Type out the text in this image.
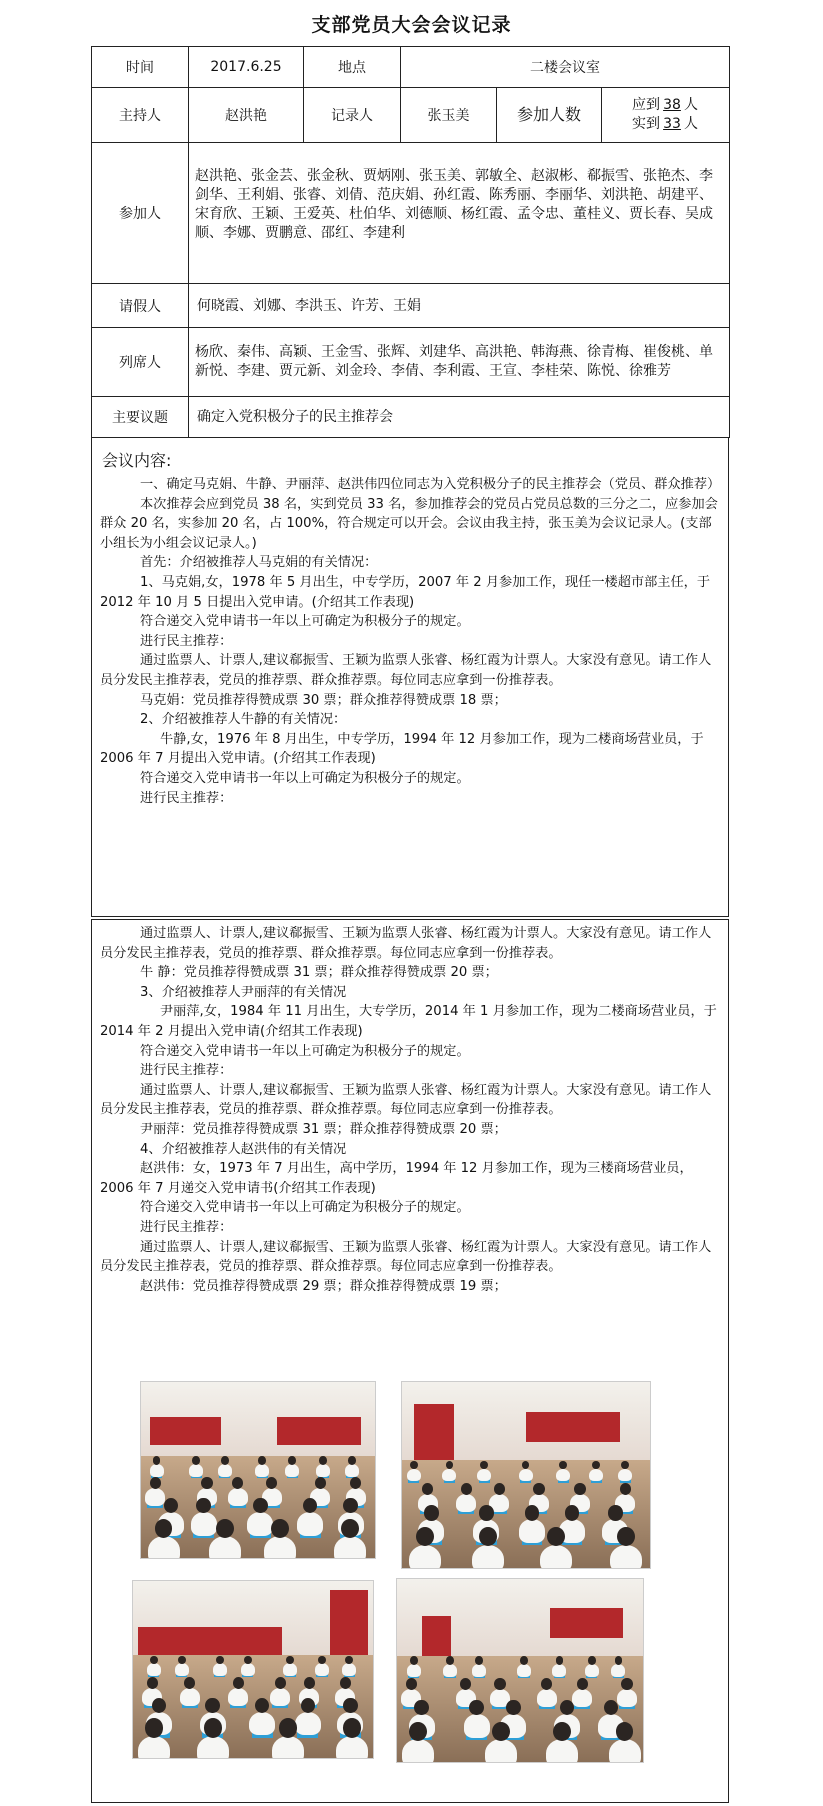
支部党员大会会议记录
时间	2017.6.25	地点	二楼会议室		
主持人	赵洪艳	记录人	张玉美	参加人数	应到 38 人
实到 33 人

参加人	赵洪艳、张金芸、张金秋、贾炳刚、张玉美、郭敏全、赵淑彬、郗振雪、张艳杰、李剑华、王利娟、张睿、刘倩、范庆娟、孙红霞、陈秀丽、李丽华、刘洪艳、胡建平、宋育欣、王颖、王爱英、杜伯华、刘德顺、杨红霞、孟令忠、董桂义、贾长春、吴成顺、李娜、贾鹏意、邵红、李建利				
请假人	何晓霞、刘娜、李洪玉、许芳、王娟				
列席人	杨欣、秦伟、高颖、王金雪、张辉、刘建华、高洪艳、韩海燕、徐青梅、崔俊桃、单新悦、李建、贾元新、刘金玲、李倩、李利霞、王宣、李桂荣、陈悦、徐雅芳				
主要议题	确定入党积极分子的民主推荐会				
会议内容:

一、确定马克娟、牛静、尹丽萍、赵洪伟四位同志为入党积极分子的民主推荐会（党员、群众推荐）

本次推荐会应到党员 38 名，实到党员 33 名，参加推荐会的党员占党员总数的三分之二，应参加会群众 20 名，实参加 20 名，占 100%，符合规定可以开会。会议由我主持，张玉美为会议记录人。(支部小组长为小组会议记录人。)

首先：介绍被推荐人马克娟的有关情况：

1、马克娟,女，1978 年 5 月出生，中专学历，2007 年 2 月参加工作，现任一楼超市部主任，于 2012 年 10 月 5 日提出入党申请。(介绍其工作表现)

符合递交入党申请书一年以上可确定为积极分子的规定。

进行民主推荐：

通过监票人、计票人,建议郗振雪、王颖为监票人张睿、杨红霞为计票人。大家没有意见。请工作人员分发民主推荐表，党员的推荐票、群众推荐票。每位同志应拿到一份推荐表。

马克娟：党员推荐得赞成票 30 票；群众推荐得赞成票 18 票；

2、介绍被推荐人牛静的有关情况：

牛静,女，1976 年 8 月出生，中专学历，1994 年 12 月参加工作，现为二楼商场营业员，于 2006 年 7 月提出入党申请。(介绍其工作表现)

符合递交入党申请书一年以上可确定为积极分子的规定。

进行民主推荐：

通过监票人、计票人,建议郗振雪、王颖为监票人张睿、杨红霞为计票人。大家没有意见。请工作人员分发民主推荐表，党员的推荐票、群众推荐票。每位同志应拿到一份推荐表。

牛 静：党员推荐得赞成票 31 票；群众推荐得赞成票 20 票；

3、介绍被推荐人尹丽萍的有关情况

尹丽萍,女，1984 年 11 月出生，大专学历，2014 年 1 月参加工作，现为二楼商场营业员，于 2014 年 2 月提出入党申请(介绍其工作表现)

符合递交入党申请书一年以上可确定为积极分子的规定。

进行民主推荐：

通过监票人、计票人,建议郗振雪、王颖为监票人张睿、杨红霞为计票人。大家没有意见。请工作人员分发民主推荐表，党员的推荐票、群众推荐票。每位同志应拿到一份推荐表。

尹丽萍：党员推荐得赞成票 31 票；群众推荐得赞成票 20 票；

4、介绍被推荐人赵洪伟的有关情况

赵洪伟：女，1973 年 7 月出生，高中学历，1994 年 12 月参加工作，现为三楼商场营业员，2006 年 7 月递交入党申请书(介绍其工作表现)

符合递交入党申请书一年以上可确定为积极分子的规定。

进行民主推荐：

通过监票人、计票人,建议郗振雪、王颖为监票人张睿、杨红霞为计票人。大家没有意见。请工作人员分发民主推荐表，党员的推荐票、群众推荐票。每位同志应拿到一份推荐表。

赵洪伟：党员推荐得赞成票 29 票；群众推荐得赞成票 19 票；
